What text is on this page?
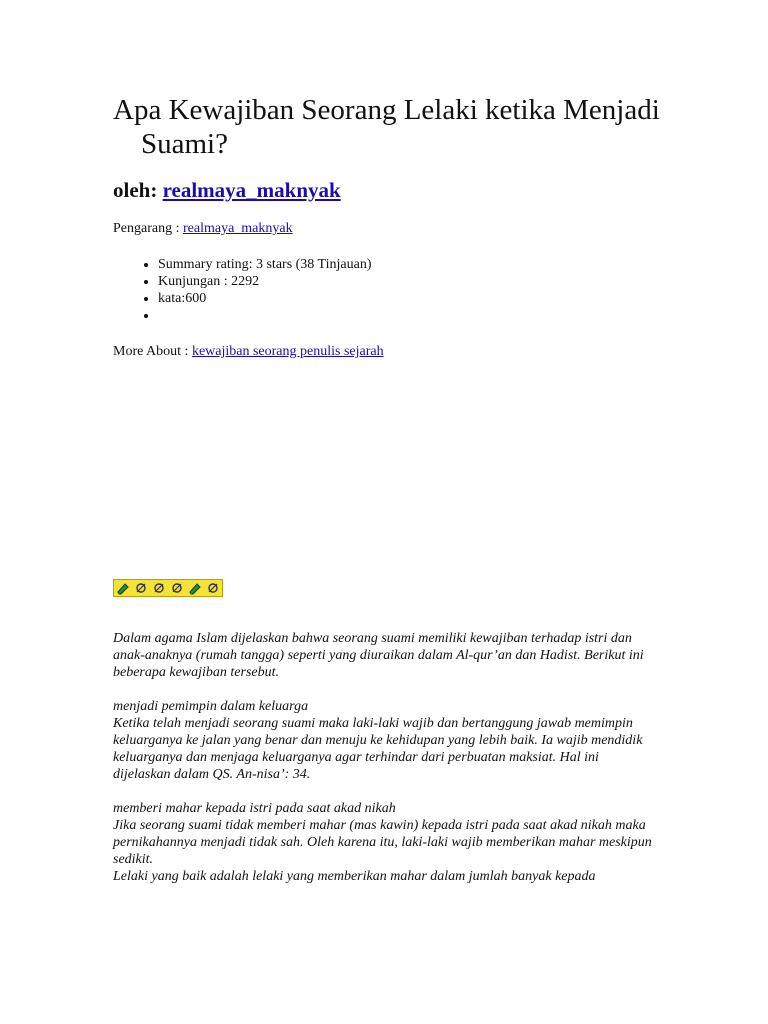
Apa Kewajiban Seorang Lelaki ketika Menjadi Suami?

oleh: realmaya_maknyak

Pengarang : realmaya_maknyak
• Summary rating: 3 stars (38 Tinjauan)
• Kunjungan : 2292
• kata:600
•
More About : kewajiban seorang penulis sejarah

Dalam agama Islam dijelaskan bahwa seorang suami memiliki kewajiban terhadap istri dan anak-anaknya (rumah tangga) seperti yang diuraikan dalam Al-qur’an dan Hadist. Berikut ini beberapa kewajiban tersebut.

menjadi pemimpin dalam keluarga

Ketika telah menjadi seorang suami maka laki-laki wajib dan bertanggung jawab memimpin keluarganya ke jalan yang benar dan menuju ke kehidupan yang lebih baik. Ia wajib mendidik keluarganya dan menjaga keluarganya agar terhindar dari perbuatan maksiat. Hal ini dijelaskan dalam QS. An-nisa’: 34.

memberi mahar kepada istri pada saat akad nikah

Jika seorang suami tidak memberi mahar (mas kawin) kepada istri pada saat akad nikah maka pernikahannya menjadi tidak sah. Oleh karena itu, laki-laki wajib memberikan mahar meskipun sedikit.

Lelaki yang baik adalah lelaki yang memberikan mahar dalam jumlah banyak kepada
